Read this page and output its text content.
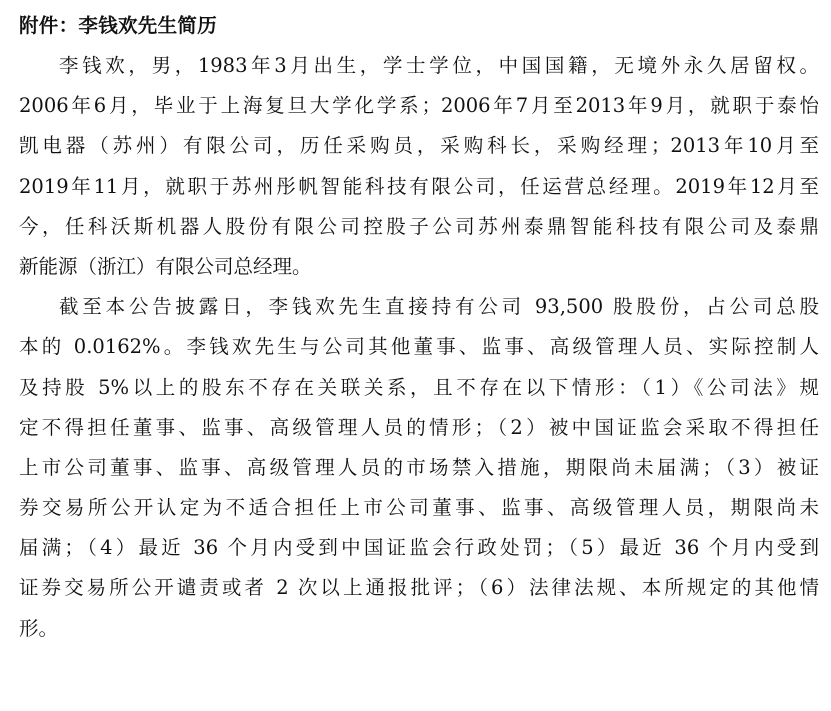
附件：李钱欢先生简历
李钱欢，男，1983年3月出生，学士学位，中国国籍，无境外永久居留权。
2006年6月，毕业于上海复旦大学化学系；2006年7月至2013年9月，就职于泰怡
凯电器（苏州）有限公司，历任采购员，采购科长，采购经理；2013年10月至
2019年11月，就职于苏州彤帆智能科技有限公司，任运营总经理。2019年12月至
今，任科沃斯机器人股份有限公司控股子公司苏州泰鼎智能科技有限公司及泰鼎
新能源（浙江）有限公司总经理。
截至本公告披露日，李钱欢先生直接持有公司 93,500 股股份，占公司总股
本的 0.0162%。李钱欢先生与公司其他董事、监事、高级管理人员、实际控制人
及持股 5%以上的股东不存在关联关系，且不存在以下情形：（1）《公司法》规
定不得担任董事、监事、高级管理人员的情形；（2）被中国证监会采取不得担任
上市公司董事、监事、高级管理人员的市场禁入措施，期限尚未届满；（3）被证
券交易所公开认定为不适合担任上市公司董事、监事、高级管理人员，期限尚未
届满；（4）最近 36 个月内受到中国证监会行政处罚；（5）最近 36 个月内受到
证券交易所公开谴责或者 2 次以上通报批评；（6）法律法规、本所规定的其他情
形。
